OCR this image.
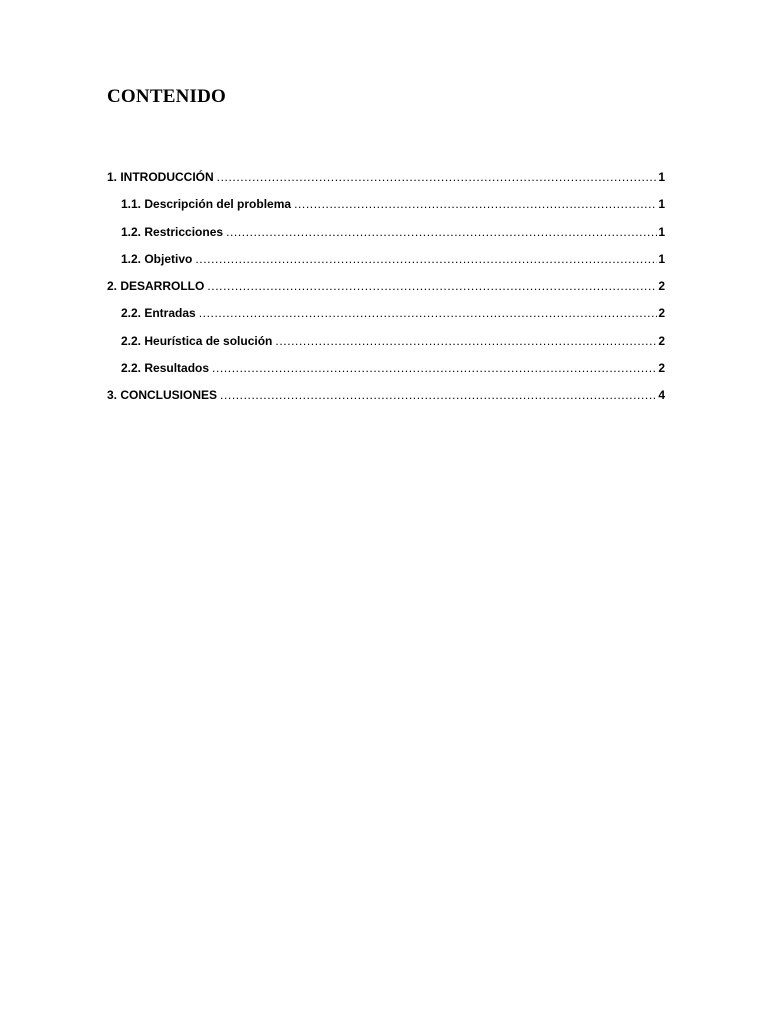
CONTENIDO
1. INTRODUCCIÓN .....	1
1.1. Descripción del problema .....	1
1.2. Restricciones .....	1
1.2. Objetivo .....	1
2. DESARROLLO .....	2
2.2. Entradas .....	2
2.2. Heurística de solución .....	2
2.2. Resultados .....	2
3. CONCLUSIONES .....	4
